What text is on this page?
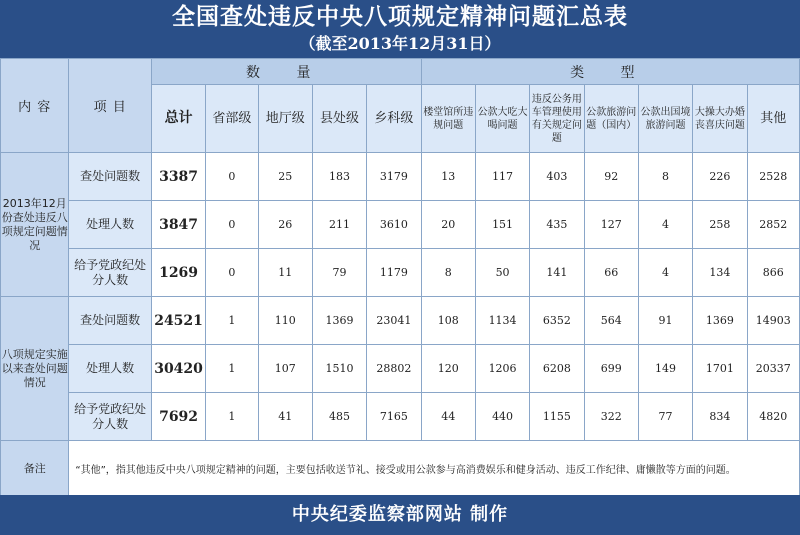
全国查处违反中央八项规定精神问题汇总表
（截至2013年12月31日）
内 容	项 目	数 量					类 型						
		总计	省部级	地厅级	县处级	乡科级	楼堂馆所违规问题	公款大吃大喝问题	违反公务用车管理使用有关规定问题	公款旅游问题（国内）	公款出国境旅游问题	大操大办婚丧喜庆问题	其他
2013年12月份查处违反八项规定问题情况	查处问题数	3387	0	25	183	3179	13	117	403	92	8	226	2528
	处理人数	3847	0	26	211	3610	20	151	435	127	4	258	2852
	给予党政纪处分人数	1269	0	11	79	1179	8	50	141	66	4	134	866
八项规定实施以来查处问题情况	查处问题数	24521	1	110	1369	23041	108	1134	6352	564	91	1369	14903
	处理人数	30420	1	107	1510	28802	120	1206	6208	699	149	1701	20337
	给予党政纪处分人数	7692	1	41	485	7165	44	440	1155	322	77	834	4820
备注	“其他”，指其他违反中央八项规定精神的问题，主要包括收送节礼、接受或用公款参与高消费娱乐和健身活动、违反工作纪律、庸懒散等方面的问题。												
中央纪委监察部网站 制作
